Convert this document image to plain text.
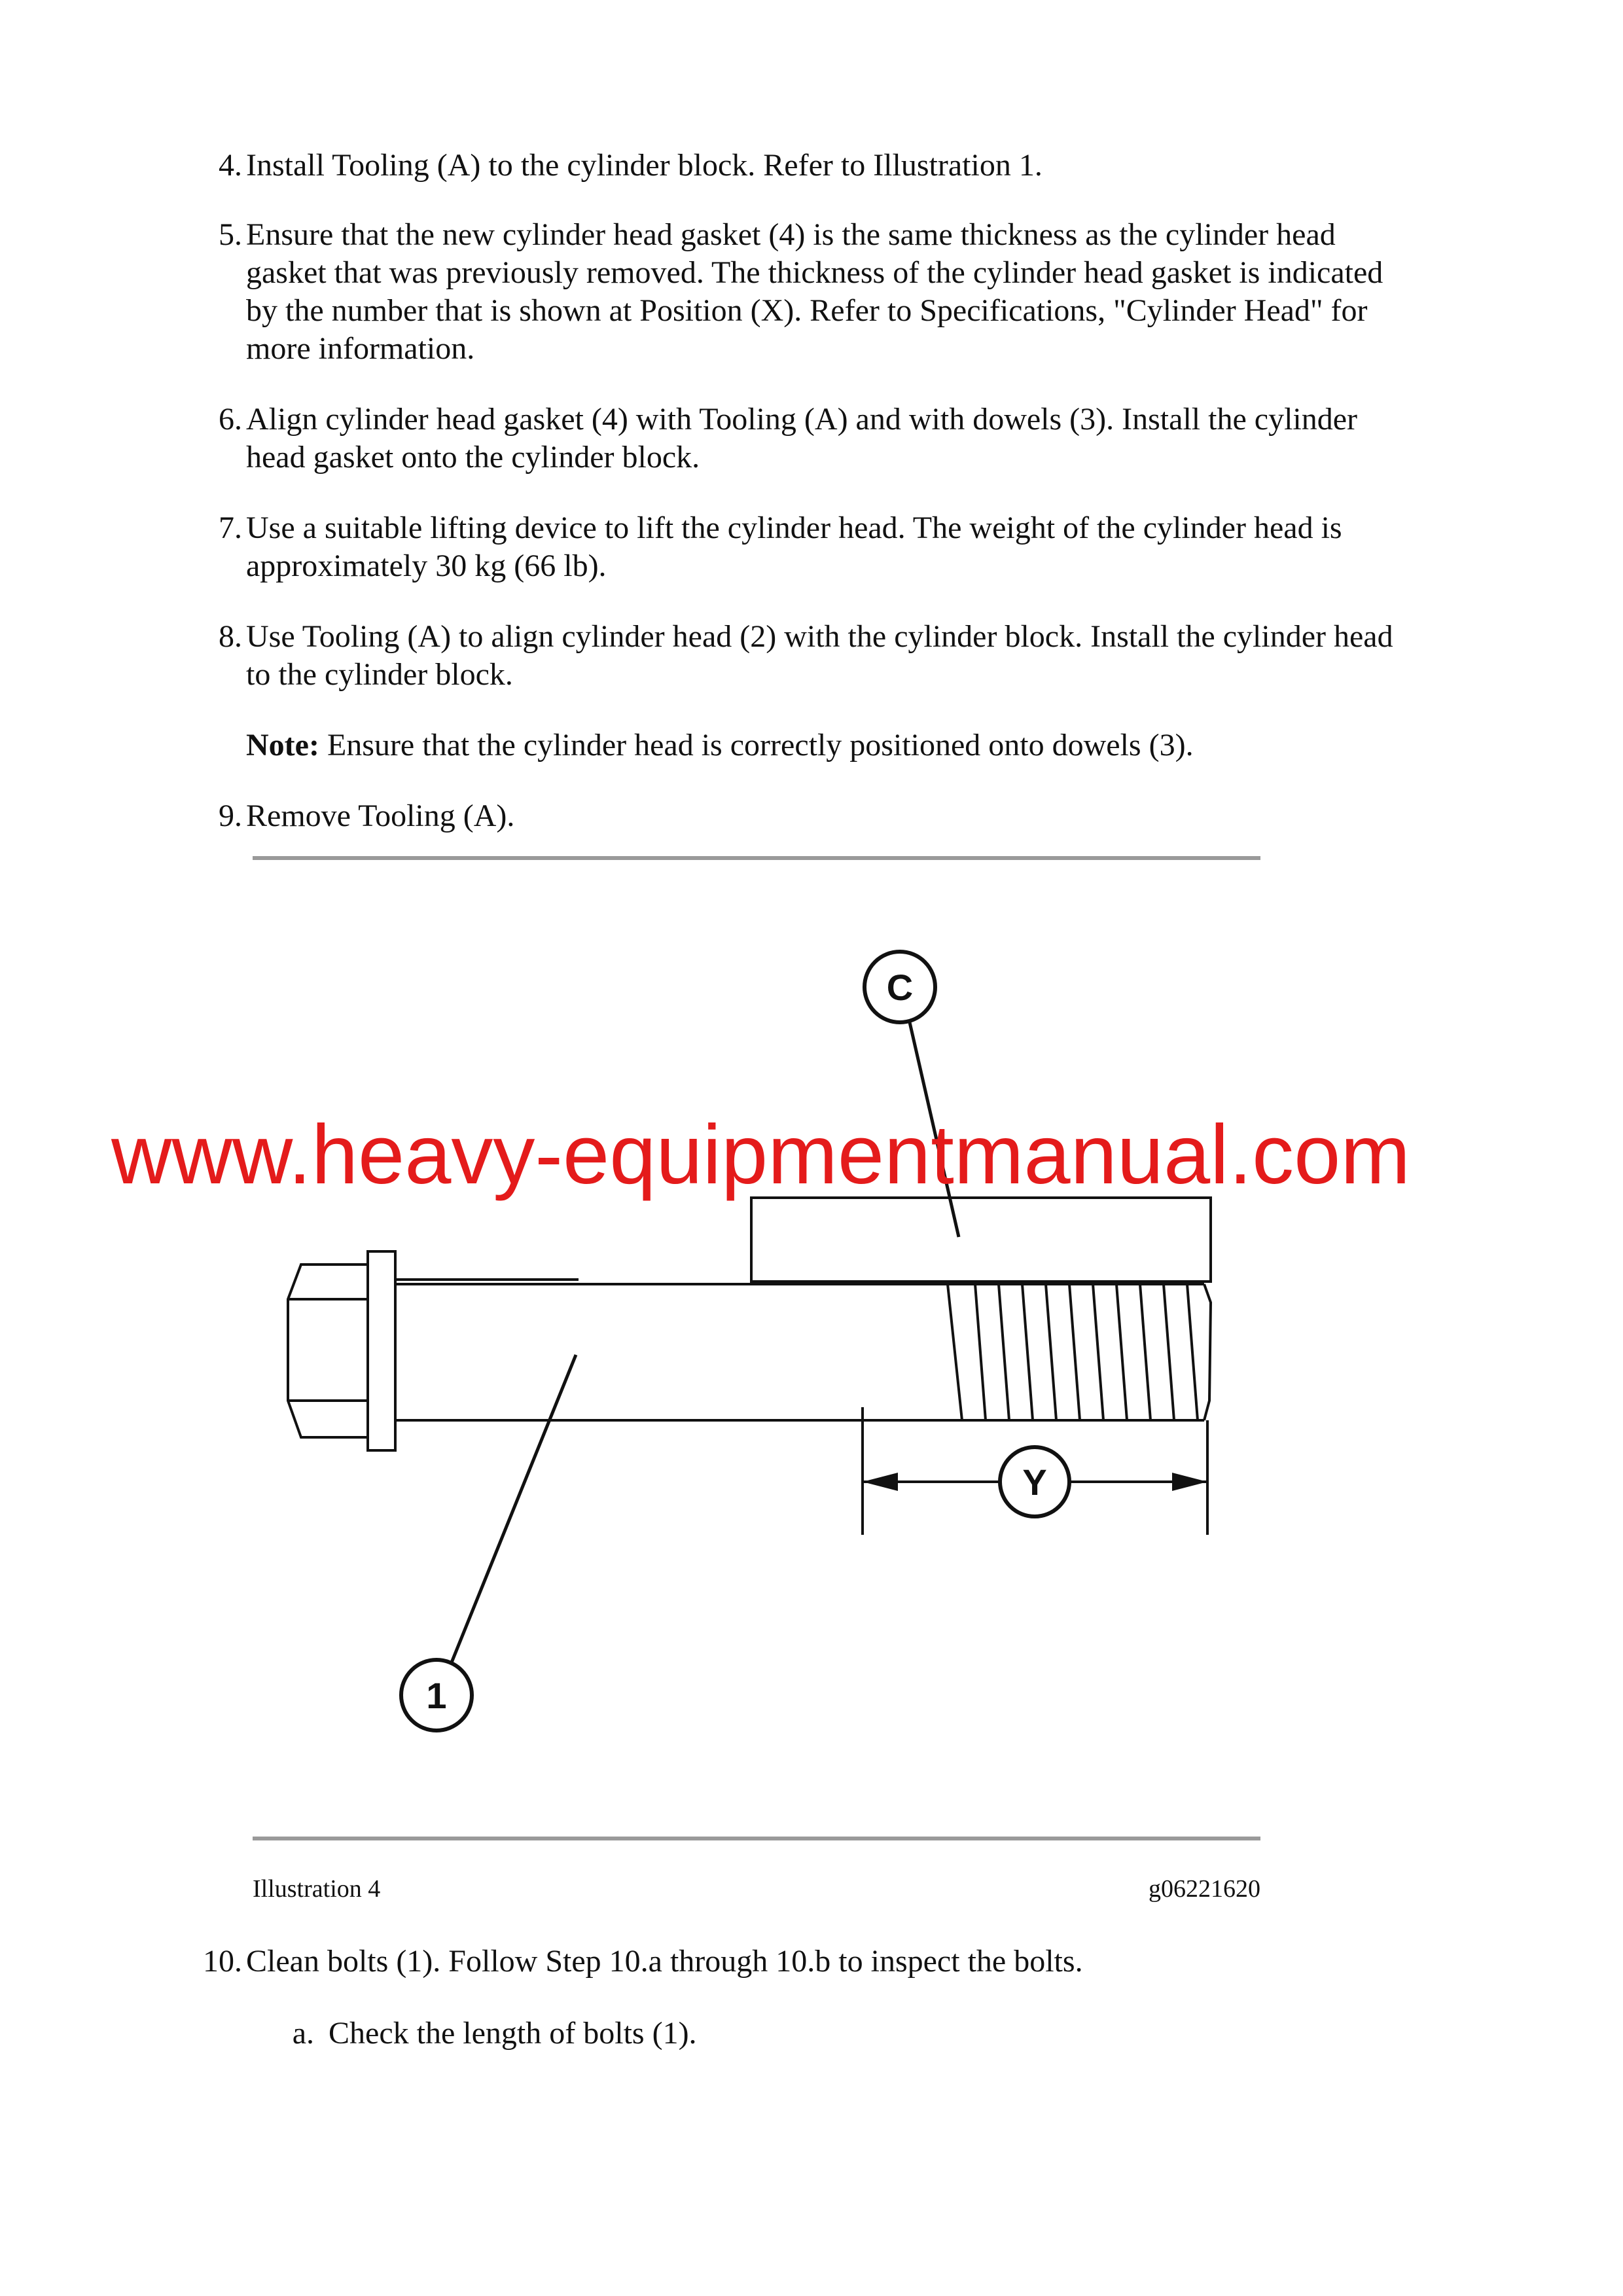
4. Install Tooling (A) to the cylinder block. Refer to Illustration 1.
5. Ensure that the new cylinder head gasket (4) is the same thickness as the cylinder head
gasket that was previously removed. The thickness of the cylinder head gasket is indicated
by the number that is shown at Position (X). Refer to Specifications, "Cylinder Head" for
more information.
6. Align cylinder head gasket (4) with Tooling (A) and with dowels (3). Install the cylinder
head gasket onto the cylinder block.
7. Use a suitable lifting device to lift the cylinder head. The weight of the cylinder head is
approximately 30 kg (66 lb).
8. Use Tooling (A) to align cylinder head (2) with the cylinder block. Install the cylinder head
to the cylinder block.
Note: Ensure that the cylinder head is correctly positioned onto dowels (3).
9. Remove Tooling (A).
C
Y
1
www.heavy-equipmentmanual.com
Illustration 4	g06221620
10. Clean bolts (1). Follow Step 10.a through 10.b to inspect the bolts.
a. Check the length of bolts (1).
